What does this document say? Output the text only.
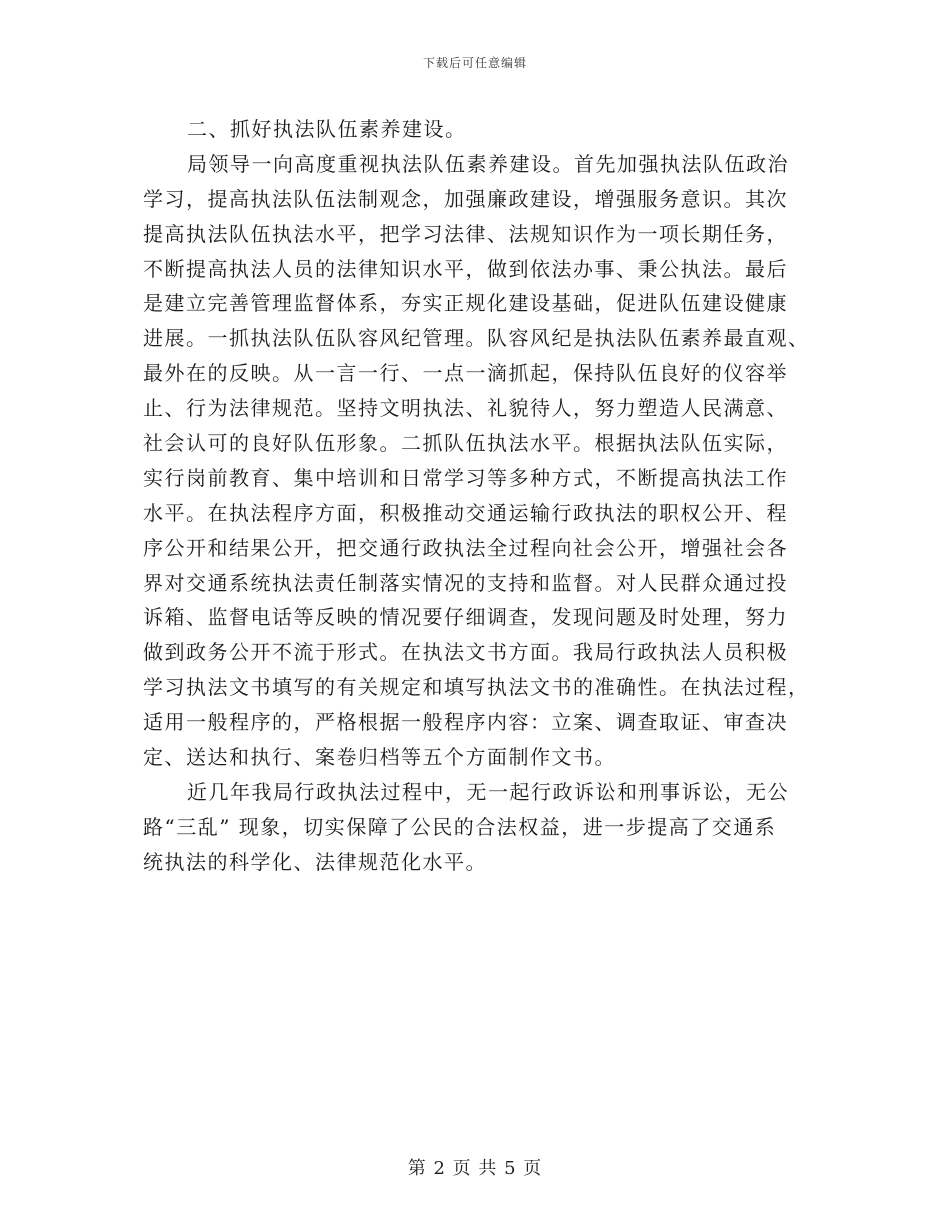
下载后可任意编辑
二、抓好执法队伍素养建设。
局领导一向高度重视执法队伍素养建设。首先加强执法队伍政治
学习，提高执法队伍法制观念，加强廉政建设，增强服务意识。其次
提高执法队伍执法水平，把学习法律、法规知识作为一项长期任务，
不断提高执法人员的法律知识水平，做到依法办事、秉公执法。最后
是建立完善管理监督体系，夯实正规化建设基础，促进队伍建设健康
进展。一抓执法队伍队容风纪管理。队容风纪是执法队伍素养最直观、
最外在的反映。从一言一行、一点一滴抓起，保持队伍良好的仪容举
止、行为法律规范。坚持文明执法、礼貌待人，努力塑造人民满意、
社会认可的良好队伍形象。二抓队伍执法水平。根据执法队伍实际，
实行岗前教育、集中培训和日常学习等多种方式，不断提高执法工作
水平。在执法程序方面，积极推动交通运输行政执法的职权公开、程
序公开和结果公开，把交通行政执法全过程向社会公开，增强社会各
界对交通系统执法责任制落实情况的支持和监督。对人民群众通过投
诉箱、监督电话等反映的情况要仔细调查，发现问题及时处理，努力
做到政务公开不流于形式。在执法文书方面。我局行政执法人员积极
学习执法文书填写的有关规定和填写执法文书的准确性。在执法过程，
适用一般程序的，严格根据一般程序内容：立案、调查取证、审查决
定、送达和执行、案卷归档等五个方面制作文书。
近几年我局行政执法过程中，无一起行政诉讼和刑事诉讼，无公
路“三乱” 现象，切实保障了公民的合法权益，进一步提高了交通系
统执法的科学化、法律规范化水平。
第 2 页 共 5 页
